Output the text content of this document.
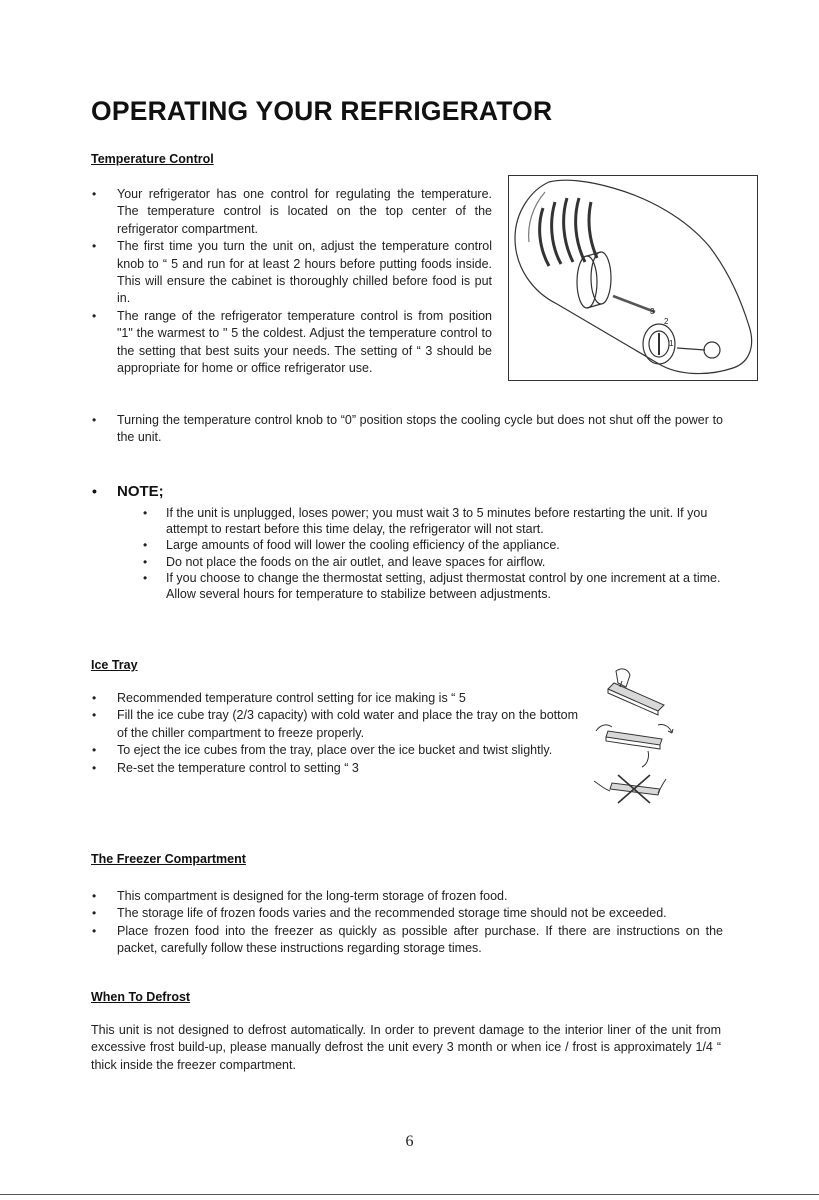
OPERATING YOUR REFRIGERATOR
Temperature Control
• Your refrigerator has one control for regulating the temperature. The temperature control is located on the top center of the refrigerator compartment.
• The first time you turn the unit on, adjust the temperature control knob to “ 5 and run for at least 2 hours before putting foods inside. This will ensure the cabinet is thoroughly chilled before food is put in.
• The range of the refrigerator temperature control is from position "1" the warmest to " 5 the coldest. Adjust the temperature control to the setting that best suits your needs. The setting of “ 3 should be appropriate for home or office refrigerator use.
• Turning the temperature control knob to “0” position stops the cooling cycle but does not shut off the power to the unit.
3
2
1
• NOTE;
• If the unit is unplugged, loses power; you must wait 3 to 5 minutes before restarting the unit. If you attempt to restart before this time delay, the refrigerator will not start.
• Large amounts of food will lower the cooling efficiency of the appliance.
• Do not place the foods on the air outlet, and leave spaces for airflow.
• If you choose to change the thermostat setting, adjust thermostat control by one increment at a time. Allow several hours for temperature to stabilize between adjustments.
Ice Tray
• Recommended temperature control setting for ice making is “ 5
• Fill the ice cube tray (2/3 capacity) with cold water and place the tray on the bottom of the chiller compartment to freeze properly.
• To eject the ice cubes from the tray, place over the ice bucket and twist slightly.
• Re-set the temperature control to setting “ 3
The Freezer Compartment
• This compartment is designed for the long-term storage of frozen food.
• The storage life of frozen foods varies and the recommended storage time should not be exceeded.
• Place frozen food into the freezer as quickly as possible after purchase. If there are instructions on the packet, carefully follow these instructions regarding storage times.
When To Defrost

This unit is not designed to defrost automatically. In order to prevent damage to the interior liner of the unit from excessive frost build-up, please manually defrost the unit every 3 month or when ice / frost is approximately 1/4 “ thick inside the freezer compartment.

6
